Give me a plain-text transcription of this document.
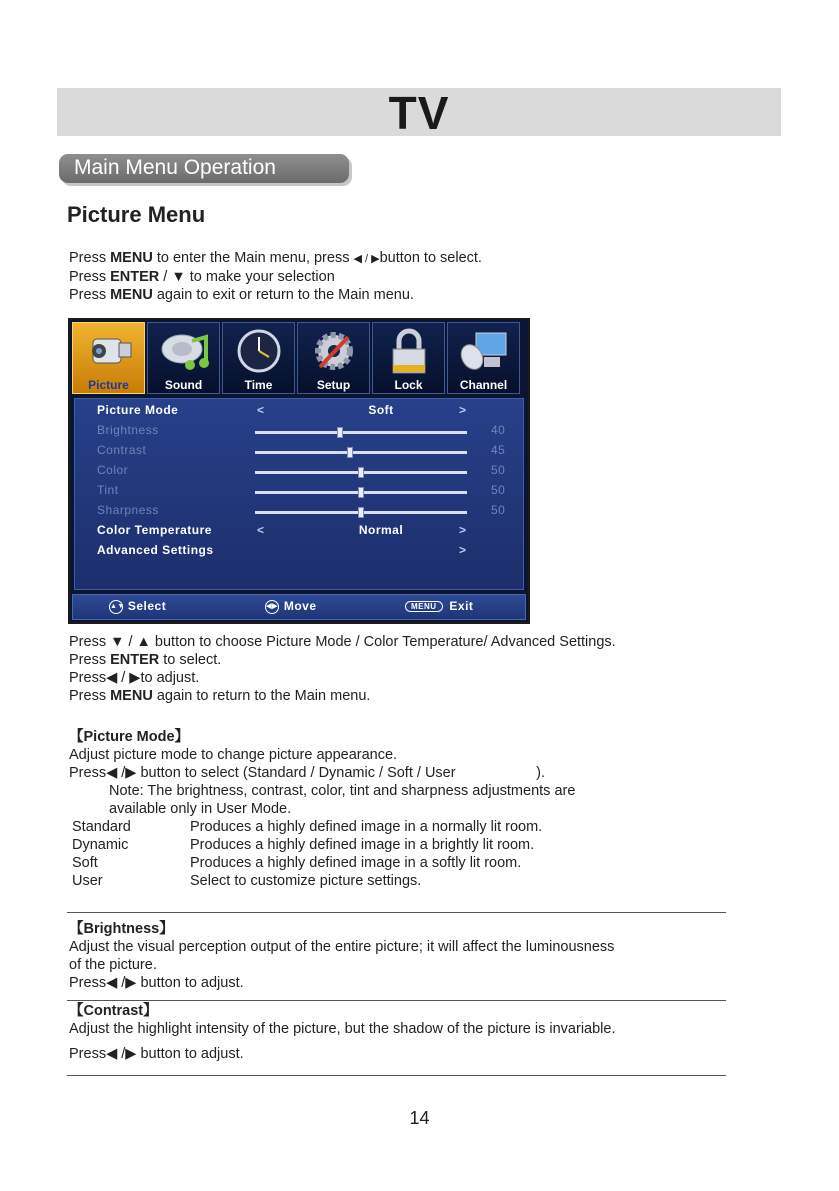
TV
Main Menu Operation
Picture Menu
Press MENU to enter the Main menu, press ◀ / ▶button to select.
Press ENTER / ▼ to make your selection
Press MENU again to exit or return to the Main menu.
Picture	Sound	Time	Setup	Lock	Channel
Picture Mode	<	Soft	>
Brightness	40
Contrast	45
Color	50
Tint	50
Sharpness	50
Color Temperature	<	Normal	>
Advanced Settings	>
▲▼ Select	◀▶ Move	MENU Exit
Press ▼ / ▲ button to choose Picture Mode / Color Temperature/ Advanced Settings.
Press ENTER to select.
Press◀ / ▶to adjust.
Press MENU again to return to the Main menu.
【Picture Mode】
Adjust picture mode to change picture appearance.
Press◀ /▶ button to select (Standard / Dynamic / Soft / User                    ).
Note: The brightness, contrast, color, tint and sharpness adjustments are
available only in User Mode.
Standard	Produces a highly defined image in a normally lit room.
Dynamic	Produces a highly defined image in a brightly lit room.
Soft	Produces a highly defined image in a softly lit room.
User	Select to customize picture settings.
【Brightness】
Adjust the visual perception output of the entire picture; it will affect the luminousness
of the picture.
Press◀ /▶ button to adjust.
【Contrast】
Adjust the highlight intensity of the picture, but the shadow of the picture is invariable.
Press◀ /▶ button to adjust.
14
